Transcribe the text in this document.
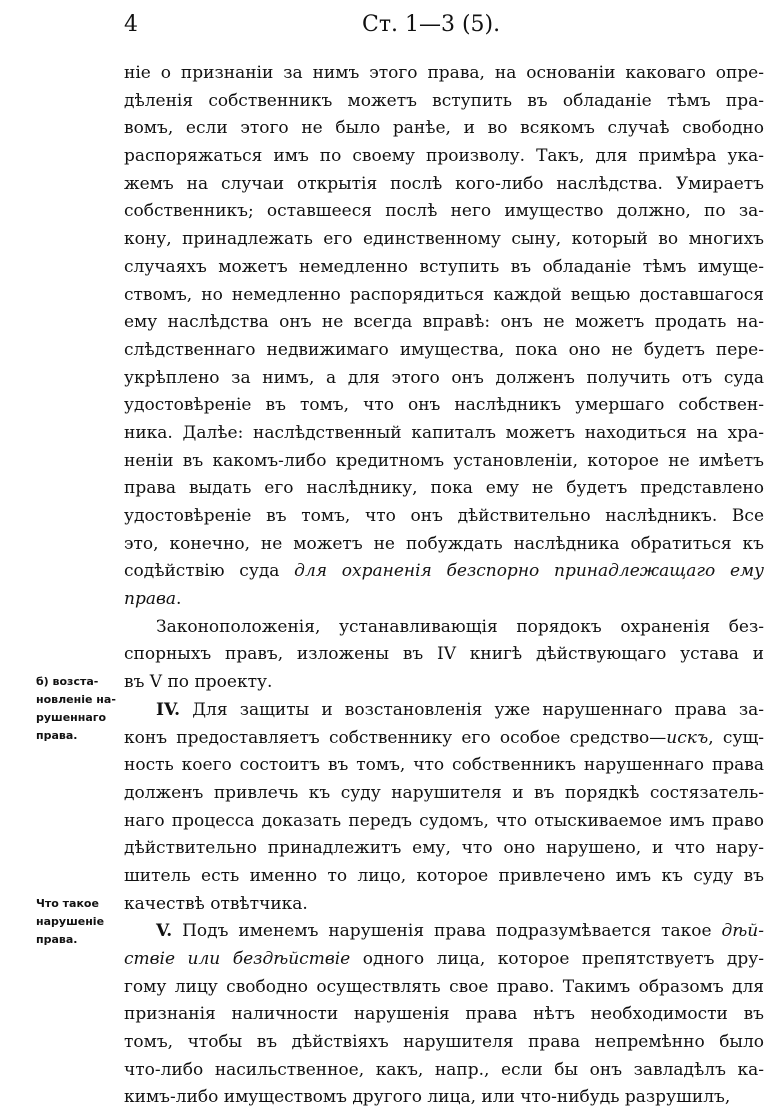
4	Ст. 1—3 (5).
ніе о признаніи за нимъ этого права, на основаніи каковаго опре-
дѣленія собственникъ можетъ вступить въ обладаніе тѣмъ пра-
вомъ, если этого не было ранѣе, и во всякомъ случаѣ свободно
распоряжаться имъ по своему произволу. Такъ, для примѣра ука-
жемъ на случаи открытія послѣ кого-либо наслѣдства. Умираетъ
собственникъ; оставшееся послѣ него имущество должно, по за-
кону, принадлежать его единственному сыну, который во многихъ
случаяхъ можетъ немедленно вступить въ обладаніе тѣмъ имуще-
ствомъ, но немедленно распорядиться каждой вещью доставшагося
ему наслѣдства онъ не всегда вправѣ: онъ не можетъ продать на-
слѣдственнаго недвижимаго имущества, пока оно не будетъ пере-
укрѣплено за нимъ, а для этого онъ долженъ получить отъ суда
удостовѣреніе въ томъ, что онъ наслѣдникъ умершаго собствен-
ника. Далѣе: наслѣдственный капиталъ можетъ находиться на хра-
неніи въ какомъ-либо кредитномъ установленіи, которое не имѣетъ
права выдать его наслѣднику, пока ему не будетъ представлено
удостовѣреніе въ томъ, что онъ дѣйствительно наслѣдникъ. Все
это, конечно, не можетъ не побуждать наслѣдника обратиться къ
содѣйствію суда для охраненія безспорно принадлежащаго ему
права.
Законоположенія, устанавливающія порядокъ охраненія без-
спорныхъ правъ, изложены въ IV книгѣ дѣйствующаго устава и
въ V по проекту.
IV. Для защиты и возстановленія уже нарушеннаго права за-
конъ предоставляетъ собственнику его особое средство—искъ, сущ-
ность коего состоитъ въ томъ, что собственникъ нарушеннаго права
долженъ привлечь къ суду нарушителя и въ порядкѣ состязатель-
наго процесса доказать передъ судомъ, что отыскиваемое имъ право
дѣйствительно принадлежитъ ему, что оно нарушено, и что нару-
шитель есть именно то лицо, которое привлечено имъ къ суду въ
качествѣ отвѣтчика.
V. Подъ именемъ нарушенія права подразумѣвается такое дѣй-
ствіе или бездѣйствіе одного лица, которое препятствуетъ дру-
гому лицу свободно осуществлять свое право. Такимъ образомъ для
признанія наличности нарушенія права нѣтъ необходимости въ
томъ, чтобы въ дѣйствіяхъ нарушителя права непремѣнно было
что-либо насильственное, какъ, напр., если бы онъ завладѣлъ ка-
кимъ-либо имуществомъ другого лица, или что-нибудь разрушилъ,
б) возста-
новленіе на-
рушеннаго
права.
Что такое
нарушеніе
права.
